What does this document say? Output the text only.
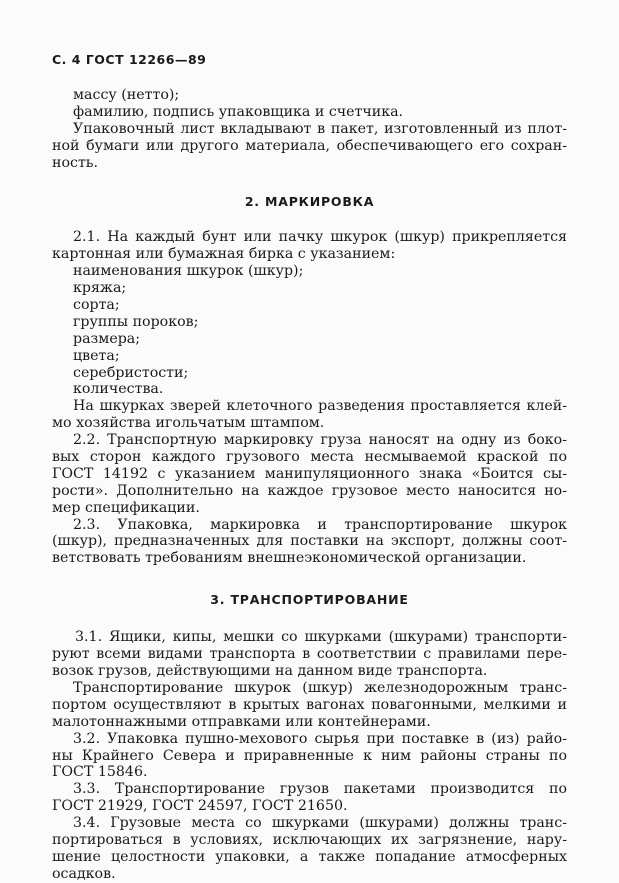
С. 4 ГОСТ 12266—89
массу (нетто);
фамилию, подпись упаковщика и счетчика.
Упаковочный лист вкладывают в пакет, изготовленный из плот-
ной бумаги или другого материала, обеспечивающего его сохран-
ность.
2. МАРКИРОВКА
2.1. На каждый бунт или пачку шкурок (шкур) прикрепляется
картонная или бумажная бирка с указанием:
наименования шкурок (шкур);
кряжа;
сорта;
группы пороков;
размера;
цвета;
серебристости;
количества.
На шкурках зверей клеточного разведения проставляется клей-
мо хозяйства игольчатым штампом.
2.2. Транспортную маркировку груза наносят на одну из боко-
вых сторон каждого грузового места несмываемой краской по
ГОСТ 14192 с указанием манипуляционного знака «Боится сы-
рости». Дополнительно на каждое грузовое место наносится но-
мер спецификации.
2.3. Упаковка, маркировка и транспортирование шкурок
(шкур), предназначенных для поставки на экспорт, должны соот-
ветствовать требованиям внешнеэкономической организации.
3. ТРАНСПОРТИРОВАНИЕ
3.1. Ящики, кипы, мешки со шкурками (шкурами) транспорти-
руют всеми видами транспорта в соответствии с правилами пере-
возок грузов, действующими на данном виде транспорта.
Транспортирование шкурок (шкур) железнодорожным транс-
портом осуществляют в крытых вагонах повагонными, мелкими и
малотоннажными отправками или контейнерами.
3.2. Упаковка пушно-мехового сырья при поставке в (из) райо-
ны Крайнего Севера и приравненные к ним районы страны по
ГОСТ 15846.
3.3. Транспортирование грузов пакетами производится по
ГОСТ 21929, ГОСТ 24597, ГОСТ 21650.
3.4. Грузовые места со шкурками (шкурами) должны транс-
портироваться в условиях, исключающих их загрязнение, нару-
шение целостности упаковки, а также попадание атмосферных
осадков.
